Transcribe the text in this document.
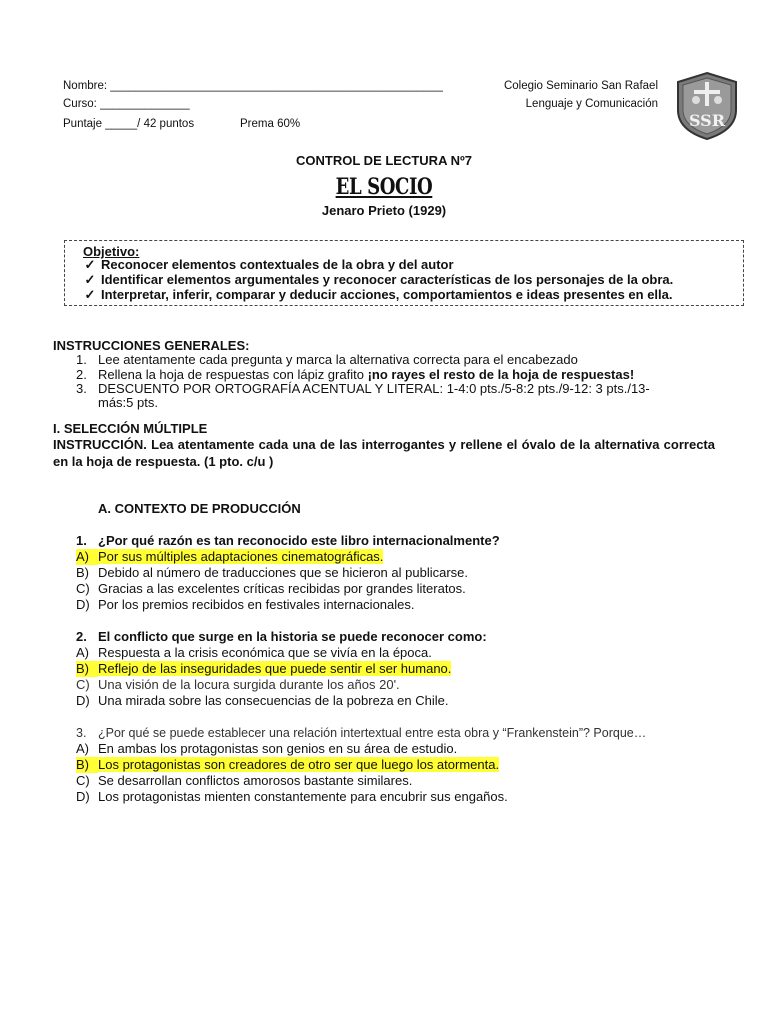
Nombre: ____________________________________________________
Curso: ______________
Puntaje _____/ 42 puntos	Prema 60%
Colegio Seminario San Rafael
Lenguaje y Comunicación
SSR
CONTROL DE LECTURA Nº7
EL SOCIO
Jenaro Prieto (1929)
Objetivo:
✓ Reconocer elementos contextuales de la obra y del autor
✓ Identificar elementos argumentales y reconocer características de los personajes de la obra.
✓ Interpretar, inferir, comparar y deducir acciones, comportamientos e ideas presentes en ella.
INSTRUCCIONES GENERALES:
1. Lee atentamente cada pregunta y marca la alternativa correcta para el encabezado
2. Rellena la hoja de respuestas con lápiz grafito ¡no rayes el resto de la hoja de respuestas!
3. DESCUENTO POR ORTOGRAFÍA ACENTUAL Y LITERAL: 1-4:0 pts./5-8:2 pts./9-12: 3 pts./13-
más:5 pts.
I. SELECCIÓN MÚLTIPLE
INSTRUCCIÓN. Lea atentamente cada una de las interrogantes y rellene el óvalo de la alternativa correcta en la hoja de respuesta. (1 pto. c/u )
A. CONTEXTO DE PRODUCCIÓN
1. ¿Por qué razón es tan reconocido este libro internacionalmente?
A) Por sus múltiples adaptaciones cinematográficas.
B) Debido al número de traducciones que se hicieron al publicarse.
C) Gracias a las excelentes críticas recibidas por grandes literatos.
D) Por los premios recibidos en festivales internacionales.
2. El conflicto que surge en la historia se puede reconocer como:
A) Respuesta a la crisis económica que se vivía en la época.
B) Reflejo de las inseguridades que puede sentir el ser humano.
C) Una visión de la locura surgida durante los años 20'.
D) Una mirada sobre las consecuencias de la pobreza en Chile.
3. ¿Por qué se puede establecer una relación intertextual entre esta obra y “Frankenstein”? Porque…
A) En ambas los protagonistas son genios en su área de estudio.
B) Los protagonistas son creadores de otro ser que luego los atormenta.
C) Se desarrollan conflictos amorosos bastante similares.
D) Los protagonistas mienten constantemente para encubrir sus engaños.
